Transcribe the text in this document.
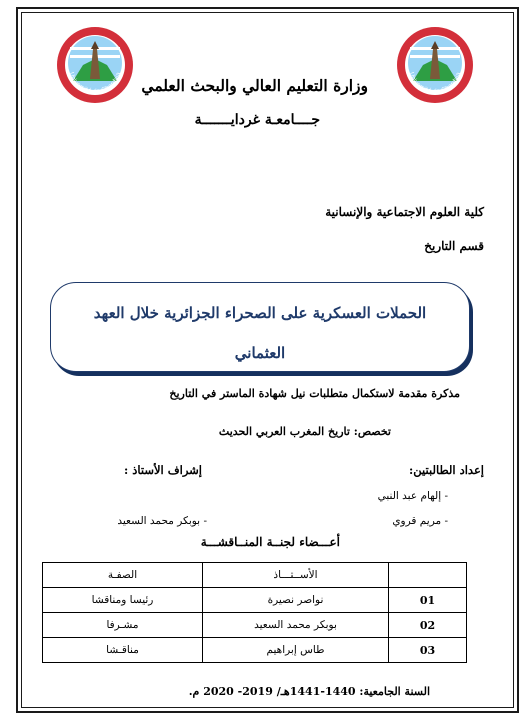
Université de Ghardaia	Université de Ghardaia
وزارة التعليم العالي والبحث العلمي
جــــامعـة غردايـــــــة
كلية العلوم الاجتماعية والإنسانية
قسم التاريخ
الحملات العسكرية على الصحراء الجزائرية خلال العهد
العثماني
مذكرة مقدمة لاستكمال متطلبات نيل شهادة الماستر في التاريخ
تخصص: تاريخ المغرب العربي الحديث
إعداد الطالبتين:
إشراف الأستاذ :
- إلهام عبد النبي
- مريم قروي
- بوبكر محمد السعيد
أعـــضاء لجنــة المنــاقشـــة
	الأســتـــاذ	الصفـة
01	نواصر نصيرة	رئيسا ومناقشا
02	بوبكر محمد السعيد	مشـرفا
03	طاس إبراهيم	مناقـشا
السنة الجامعية: 1440-1441هـ/ 2019- 2020 م.
